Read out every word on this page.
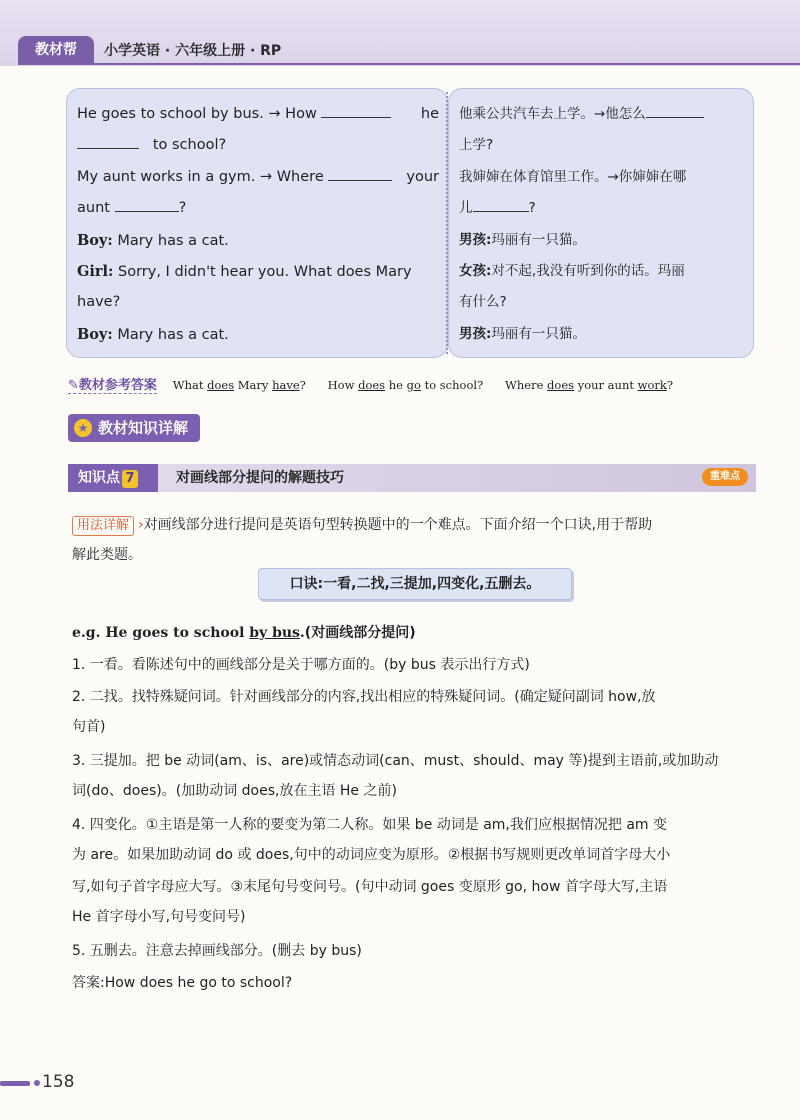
教材帮	小学英语 · 六年级上册 · RP
He goes to school by bus. → How	he
to school?
My aunt works in a gym. → Where	your
aunt	?
Boy: Mary has a cat.
Girl: Sorry, I didn't hear you. What does Mary
have?
Boy: Mary has a cat.
他乘公共汽车去上学。→他怎么
上学?
我婶婶在体育馆里工作。→你婶婶在哪
儿	?
男孩:玛丽有一只猫。
女孩:对不起,我没有听到你的话。玛丽
有什么?
男孩:玛丽有一只猫。
✎教材参考答案 What does Mary have? How does he go to school? Where does your aunt work?
★ 教材知识详解
知识点 7	对画线部分提问的解题技巧	重难点
用法详解 ›对画线部分进行提问是英语句型转换题中的一个难点。下面介绍一个口诀,用于帮助
解此类题。
口诀:一看,二找,三提加,四变化,五删去。
e.g. He goes to school by bus.(对画线部分提问)
1. 一看。看陈述句中的画线部分是关于哪方面的。(by bus 表示出行方式)
2. 二找。找特殊疑问词。针对画线部分的内容,找出相应的特殊疑问词。(确定疑问副词 how,放
句首)
3. 三提加。把 be 动词(am、is、are)或情态动词(can、must、should、may 等)提到主语前,或加助动
词(do、does)。(加助动词 does,放在主语 He 之前)
4. 四变化。①主语是第一人称的要变为第二人称。如果 be 动词是 am,我们应根据情况把 am 变
为 are。如果加助动词 do 或 does,句中的动词应变为原形。②根据书写规则更改单词首字母大小
写,如句子首字母应大写。③末尾句号变问号。(句中动词 goes 变原形 go, how 首字母大写,主语
He 首字母小写,句号变问号)
5. 五删去。注意去掉画线部分。(删去 by bus)
答案:How does he go to school?
158
